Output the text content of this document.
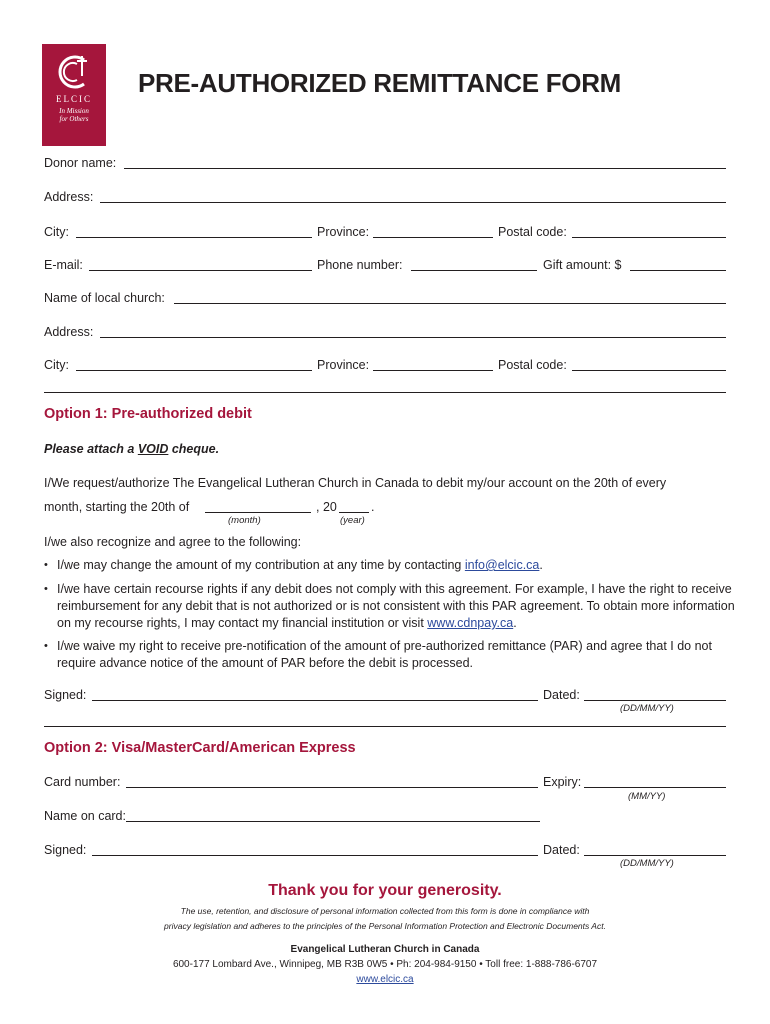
ELCIC
In Mission
for Others
PRE-AUTHORIZED REMITTANCE FORM
Donor name:
Address:
City:	Province:	Postal code:
E-mail:	Phone number:	Gift amount: $
Name of local church:
Address:
City:	Province:	Postal code:
Option 1: Pre-authorized debit
Please attach a VOID cheque.
I/We request/authorize The Evangelical Lutheran Church in Canada to debit my/our account on the 20th of every
month, starting the 20th of	, 20	.
(month)	(year)
I/we also recognize and agree to the following:
• I/we may change the amount of my contribution at any time by contacting info@elcic.ca.
• I/we have certain recourse rights if any debit does not comply with this agreement. For example, I have the right to receive reimbursement for any debit that is not authorized or is not consistent with this PAR agreement. To obtain more information on my recourse rights, I may contact my financial institution or visit www.cdnpay.ca.
• I/we waive my right to receive pre-notification of the amount of pre-authorized remittance (PAR) and agree that I do not require advance notice of the amount of PAR before the debit is processed.
Signed:	Dated:
(DD/MM/YY)
Option 2: Visa/MasterCard/American Express
Card number:	Expiry:
(MM/YY)
Name on card:
Signed:	Dated:
(DD/MM/YY)
Thank you for your generosity.
The use, retention, and disclosure of personal information collected from this form is done in compliance with
privacy legislation and adheres to the principles of the Personal Information Protection and Electronic Documents Act.
Evangelical Lutheran Church in Canada
600-177 Lombard Ave., Winnipeg, MB R3B 0W5 • Ph: 204-984-9150 • Toll free: 1-888-786-6707
www.elcic.ca
